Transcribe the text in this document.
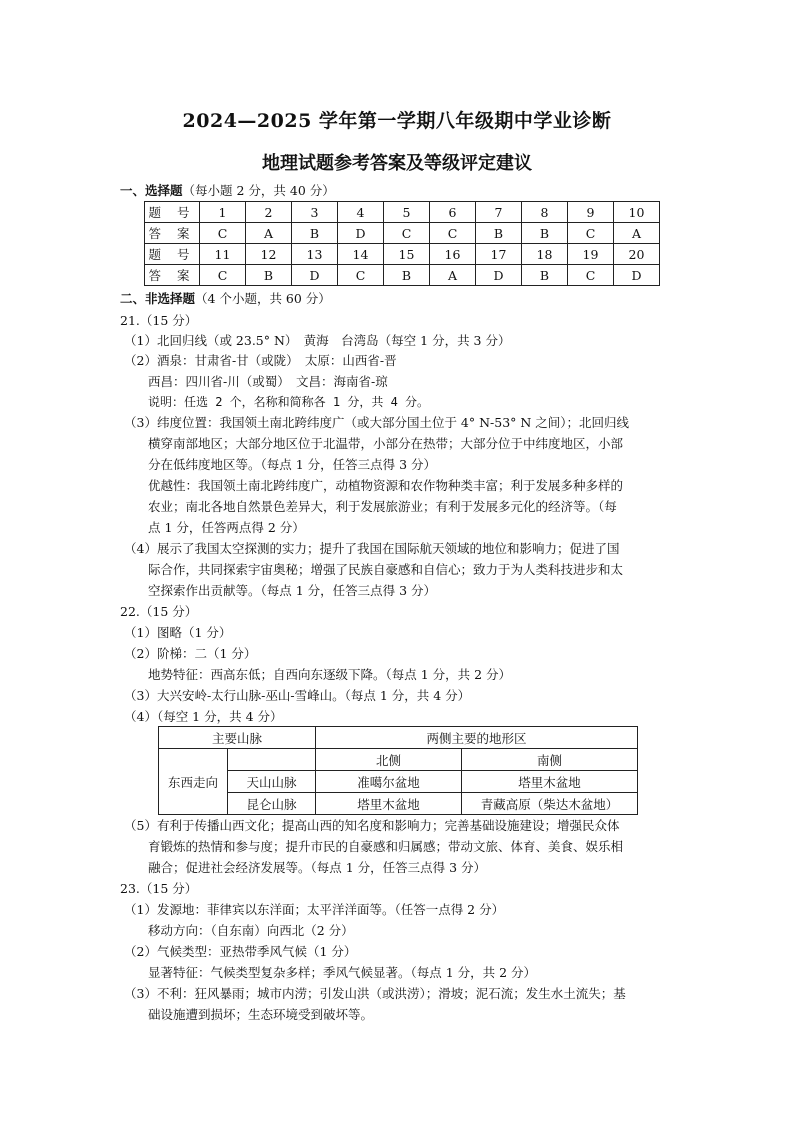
2024—2025 学年第一学期八年级期中学业诊断
地理试题参考答案及等级评定建议
一、选择题（每小题 2 分，共 40 分）
题 号	1	2	3	4	5	6	7	8	9	10
答 案	C	A	B	D	C	C	B	B	C	A
题 号	11	12	13	14	15	16	17	18	19	20
答 案	C	B	D	C	B	A	D	B	C	D
二、非选择题（4 个小题，共 60 分）
21.（15 分）
（1）北回归线（或 23.5° N）　黄海　台湾岛（每空 1 分，共 3 分）
（2）酒泉：甘肃省-甘（或陇）　太原：山西省-晋
西昌：四川省-川（或蜀）　文昌：海南省-琼
说明：任选 2 个，名称和简称各 1 分，共 4 分。
（3）纬度位置：我国领土南北跨纬度广（或大部分国土位于 4° N-53° N 之间）；北回归线
横穿南部地区；大部分地区位于北温带，小部分在热带；大部分位于中纬度地区，小部
分在低纬度地区等。（每点 1 分，任答三点得 3 分）
优越性：我国领土南北跨纬度广，动植物资源和农作物种类丰富；利于发展多种多样的
农业；南北各地自然景色差异大，利于发展旅游业；有利于发展多元化的经济等。（每
点 1 分，任答两点得 2 分）
（4）展示了我国太空探测的实力；提升了我国在国际航天领域的地位和影响力；促进了国
际合作，共同探索宇宙奥秘；增强了民族自豪感和自信心；致力于为人类科技进步和太
空探索作出贡献等。（每点 1 分，任答三点得 3 分）
22.（15 分）
（1）图略（1 分）
（2）阶梯：二（1 分）
地势特征：西高东低；自西向东逐级下降。（每点 1 分，共 2 分）
（3）大兴安岭-太行山脉-巫山-雪峰山。（每点 1 分，共 4 分）
（4）（每空 1 分，共 4 分）
主要山脉		两侧主要的地形区	
东西走向		北侧	南侧
	天山山脉	准噶尔盆地	塔里木盆地
	昆仑山脉	塔里木盆地	青藏高原（柴达木盆地）
（5）有利于传播山西文化；提高山西的知名度和影响力；完善基础设施建设；增强民众体
育锻炼的热情和参与度；提升市民的自豪感和归属感；带动文旅、体育、美食、娱乐相
融合；促进社会经济发展等。（每点 1 分，任答三点得 3 分）
23.（15 分）
（1）发源地：菲律宾以东洋面；太平洋洋面等。（任答一点得 2 分）
移动方向：（自东南）向西北（2 分）
（2）气候类型：亚热带季风气候（1 分）
显著特征：气候类型复杂多样；季风气候显著。（每点 1 分，共 2 分）
（3）不利：狂风暴雨；城市内涝；引发山洪（或洪涝）；滑坡；泥石流；发生水土流失；基
础设施遭到损坏；生态环境受到破坏等。
